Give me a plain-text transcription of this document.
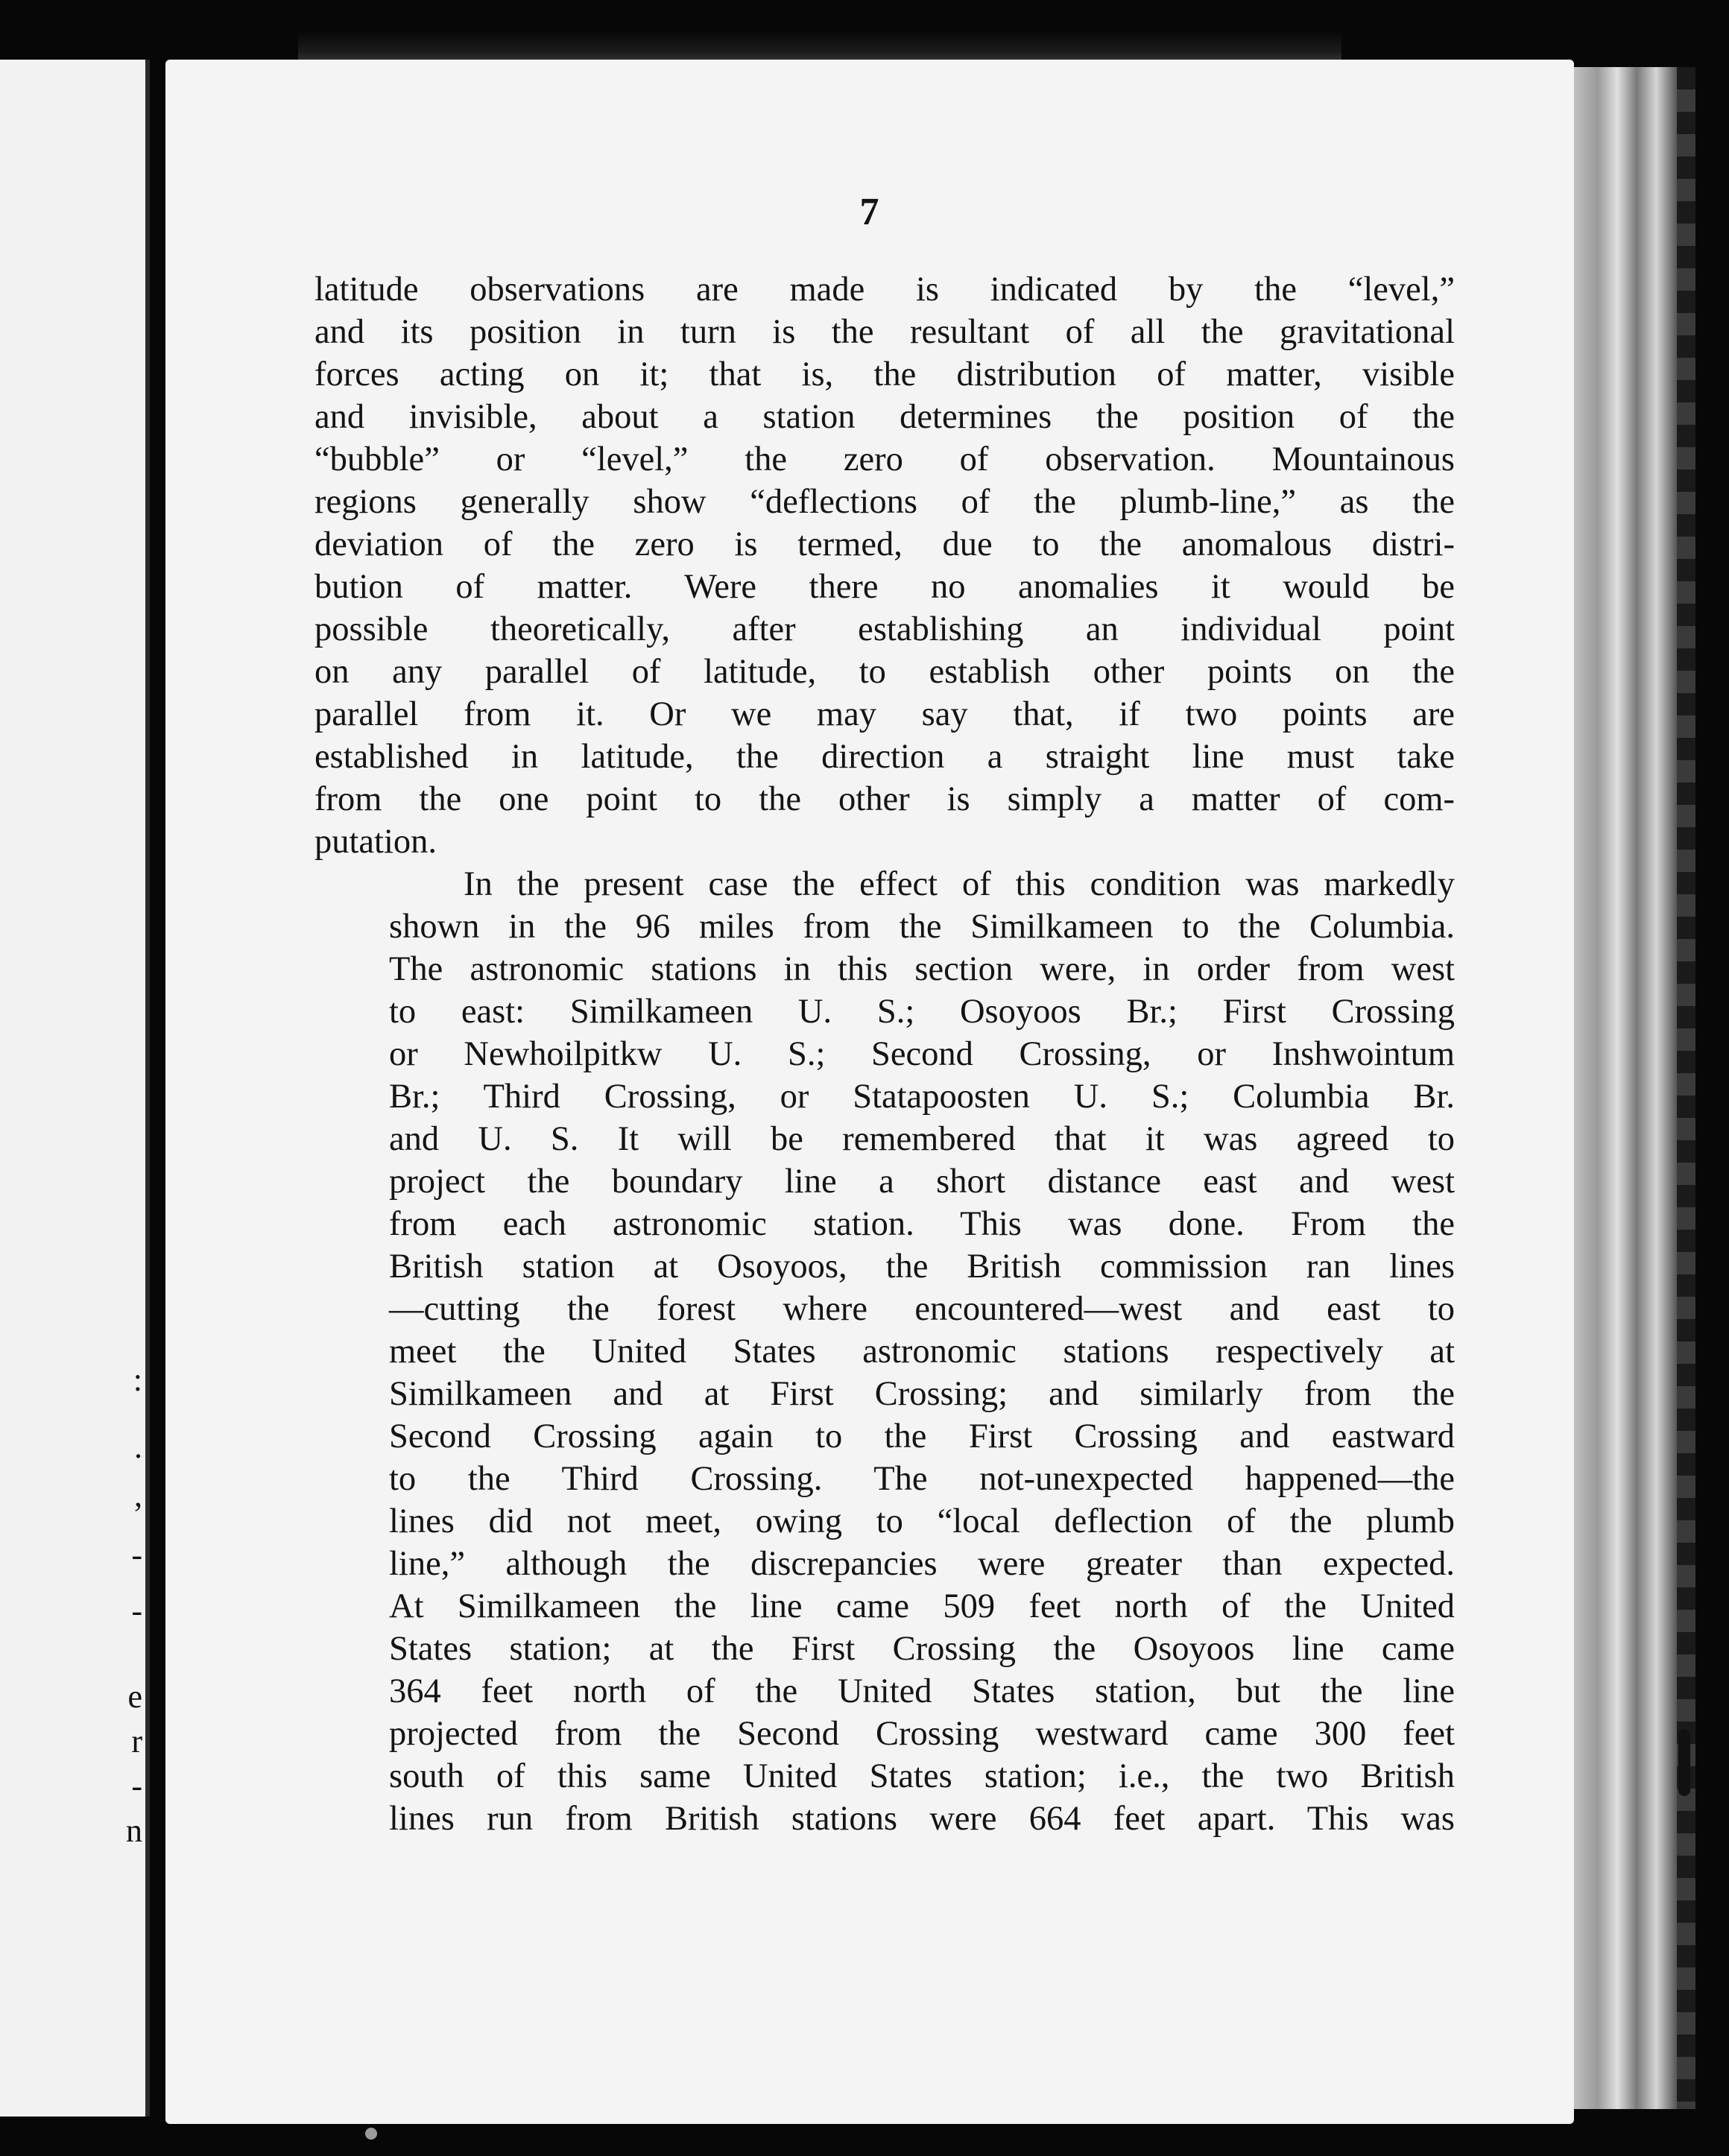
:
.
,
-
-
e
r
-
n
7

latitude observations are made is indicated by the “level,”
and its position in turn is the resultant of all the gravitational
forces acting on it; that is, the distribution of matter, visible
and invisible, about a station determines the position of the
“bubble” or “level,” the zero of observation. Mountainous
regions generally show “deflections of the plumb-line,” as the
deviation of the zero is termed, due to the anomalous distri-
bution of matter. Were there no anomalies it would be
possible theoretically, after establishing an individual point
on any parallel of latitude, to establish other points on the
parallel from it. Or we may say that, if two points are
established in latitude, the direction a straight line must take
from the one point to the other is simply a matter of com-
putation.

In the present case the effect of this condition was markedly
shown in the 96 miles from the Similkameen to the Columbia.
The astronomic stations in this section were, in order from west
to east: Similkameen U. S.; Osoyoos Br.; First Crossing
or Newhoilpitkw U. S.; Second Crossing, or Inshwointum
Br.; Third Crossing, or Statapoosten U. S.; Columbia Br.
and U. S. It will be remembered that it was agreed to
project the boundary line a short distance east and west
from each astronomic station. This was done. From the
British station at Osoyoos, the British commission ran lines
—cutting the forest where encountered—west and east to
meet the United States astronomic stations respectively at
Similkameen and at First Crossing; and similarly from the
Second Crossing again to the First Crossing and eastward
to the Third Crossing. The not-unexpected happened—the
lines did not meet, owing to “local deflection of the plumb
line,” although the discrepancies were greater than expected.
At Similkameen the line came 509 feet north of the United
States station; at the First Crossing the Osoyoos line came
364 feet north of the United States station, but the line
projected from the Second Crossing westward came 300 feet
south of this same United States station; i.e., the two British
lines run from British stations were 664 feet apart. This was
